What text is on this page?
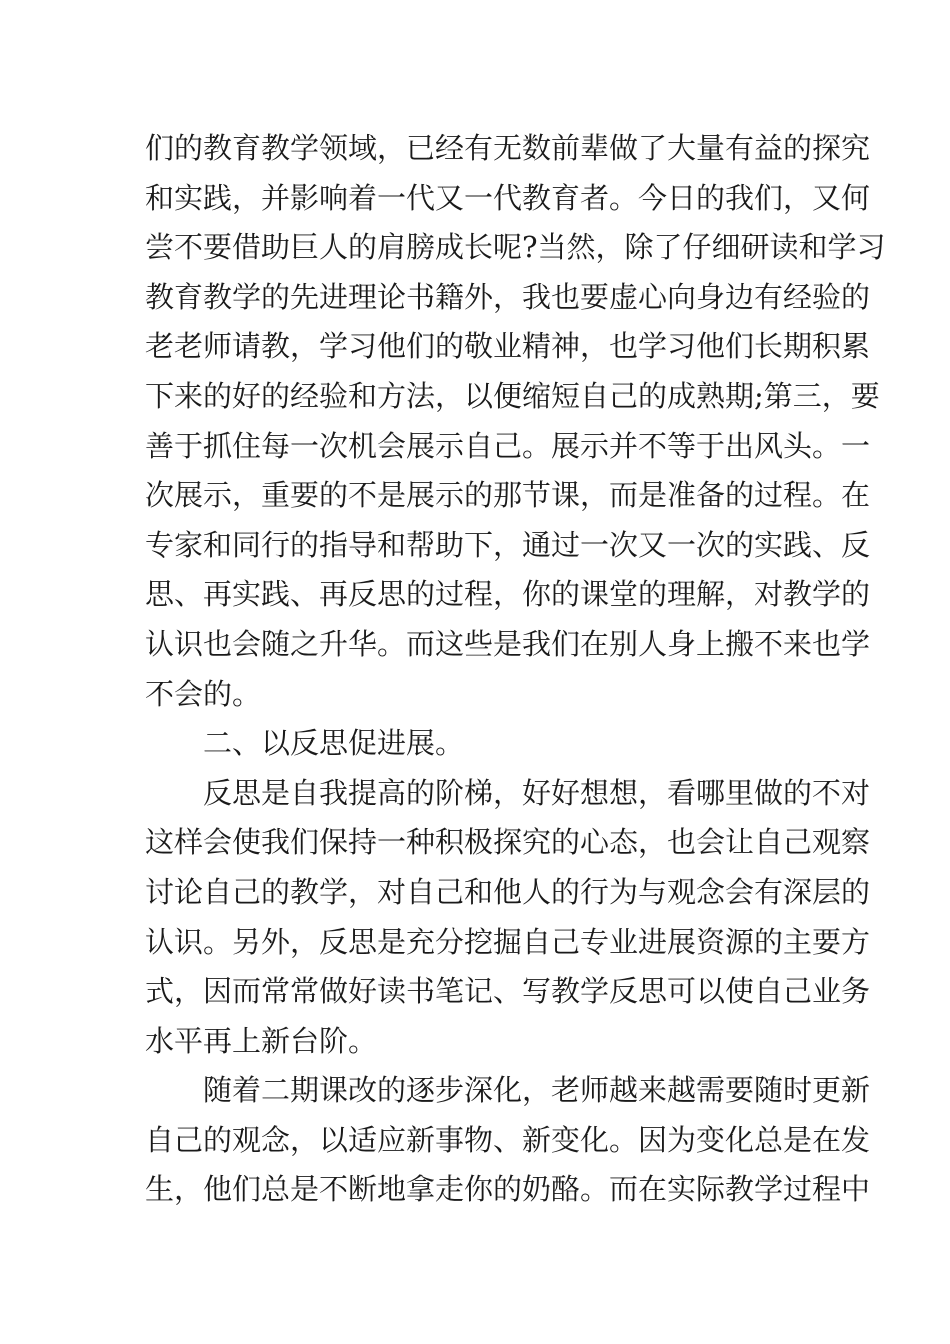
们的教育教学领域，已经有无数前辈做了大量有益的探究
和实践，并影响着一代又一代教育者。今日的我们，又何
尝不要借助巨人的肩膀成长呢?当然，除了仔细研读和学习
教育教学的先进理论书籍外，我也要虚心向身边有经验的
老老师请教，学习他们的敬业精神，也学习他们长期积累
下来的好的经验和方法，以便缩短自己的成熟期;第三，要
善于抓住每一次机会展示自己。展示并不等于出风头。一
次展示，重要的不是展示的那节课，而是准备的过程。在
专家和同行的指导和帮助下，通过一次又一次的实践、反
思、再实践、再反思的过程，你的课堂的理解，对教学的
认识也会随之升华。而这些是我们在别人身上搬不来也学
不会的。
二、以反思促进展。
反思是自我提高的阶梯，好好想想，看哪里做的不对
这样会使我们保持一种积极探究的心态，也会让自己观察
讨论自己的教学，对自己和他人的行为与观念会有深层的
认识。另外，反思是充分挖掘自己专业进展资源的主要方
式，因而常常做好读书笔记、写教学反思可以使自己业务
水平再上新台阶。
随着二期课改的逐步深化，老师越来越需要随时更新
自己的观念，以适应新事物、新变化。因为变化总是在发
生，他们总是不断地拿走你的奶酪。而在实际教学过程中
